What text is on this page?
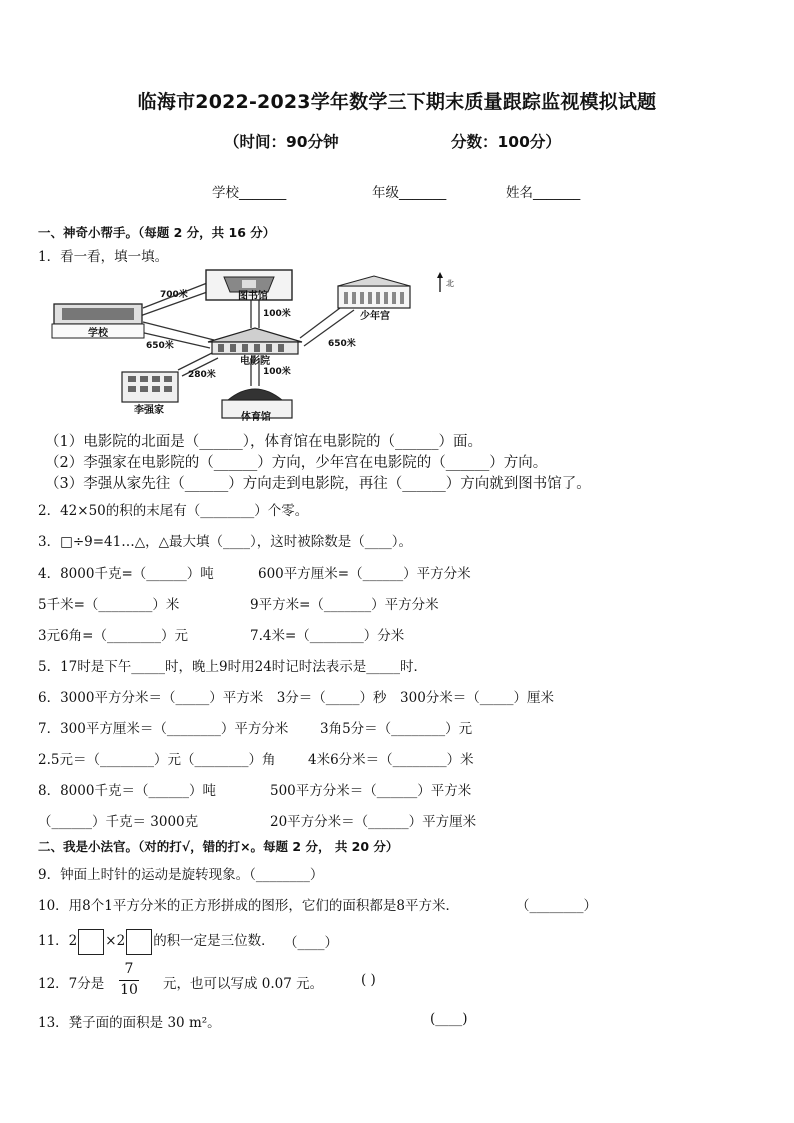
临海市2022-2023学年数学三下期末质量跟踪监视模拟试题
（时间：90分钟	分数：100分）
学校_______	年级_______	姓名_______
一、神奇小帮手。（每题 2 分，共 16 分）
1．看一看，填一填。
图书馆
少年宫
学校
电影院
李强家
体育馆
700米
100米
650米	650米
280米	100米
北
（1）电影院的北面是（______），体育馆在电影院的（______）面。
（2）李强家在电影院的（______）方向，少年宫在电影院的（______）方向。
（3）李强从家先往（______）方向走到电影院，再往（______）方向就到图书馆了。
2．42×50的积的末尾有（________）个零。
3．□÷9=41…△，△最大填（____），这时被除数是（____）。
4．8000千克=（______）吨	600平方厘米=（______）平方分米
5千米=（________）米	9平方米=（_______）平方分米
3元6角=（________）元	7.4米=（________）分米
5．17时是下午_____时，晚上9时用24时记时法表示是_____时．
6．3000平方分米＝（_____）平方米　3分＝（_____）秒　300分米＝（_____）厘米
7．300平方厘米＝（________）平方分米 3角5分＝（________）元
2.5元＝（________）元（________）角 4米6分米＝（________）米
8．8000千克＝（______）吨	500平方分米＝（______）平方米
（______）千克＝ 3000克	20平方分米＝（______）平方厘米
二、我是小法官。（对的打√，错的打×。每题 2 分， 共 20 分）
9．钟面上时针的运动是旋转现象。（________）
10．用8个1平方分米的正方形拼成的图形，它们的面积都是8平方米．	（________）
11．2 ×2 的积一定是三位数． （____）
12．7分是
7
10 元，也可以写成 0.07 元。	( )
13．凳子面的面积是 30 m²。	(____)
